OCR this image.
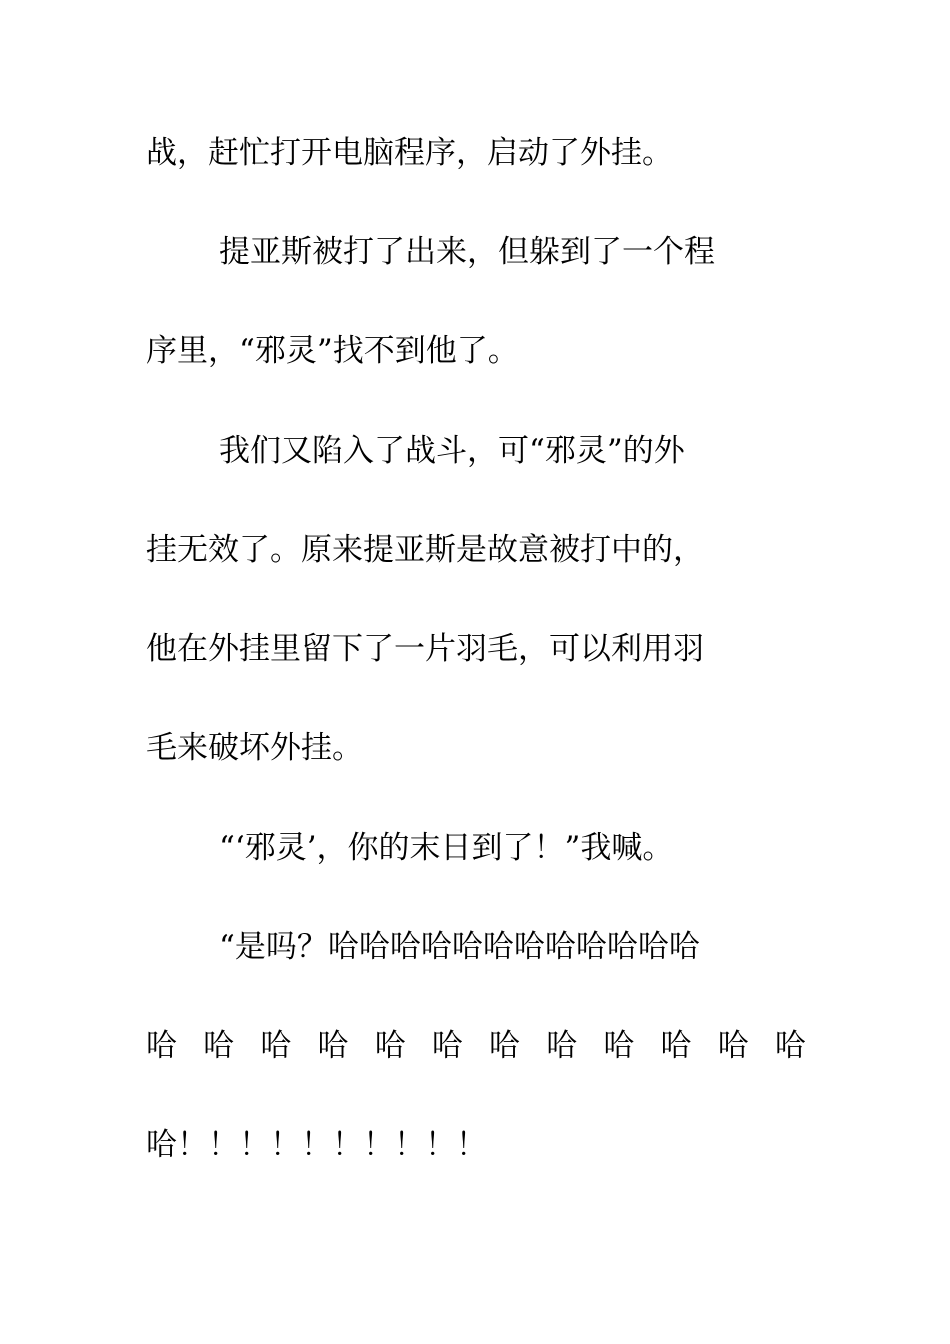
战，赶忙打开电脑程序，启动了外挂。
提亚斯被打了出来，但躲到了一个程
序里，“邪灵”找不到他了。
我们又陷入了战斗，可“邪灵”的外
挂无效了。原来提亚斯是故意被打中的，
他在外挂里留下了一片羽毛，可以利用羽
毛来破坏外挂。
“‘邪灵’，你的末日到了！”我喊。
“是吗？哈哈哈哈哈哈哈哈哈哈哈哈
哈 哈 哈 哈 哈 哈 哈 哈 哈 哈 哈 哈
哈！！！！！！！！！！
